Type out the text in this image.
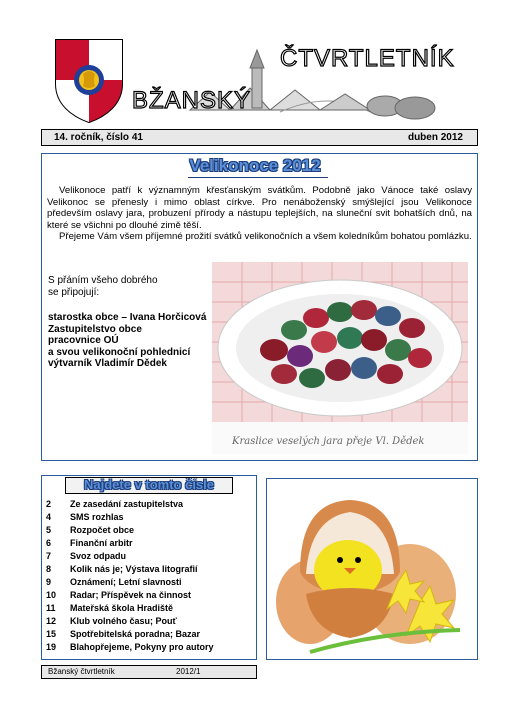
BŽANSKÝ
ČTVRTLETNÍK
14. ročník, číslo 41	duben 2012
Velikonoce 2012

Velikonoce patří k významným křesťanským svátkům. Podobně jako Vánoce také oslavy Velikonoc se přenesly i mimo oblast církve. Pro nenáboženský smýšlející jsou Velikonoce především oslavy jara, probuzení přírody a nástupu teplejších, na sluneční svit bohatších dnů, na které se všichni po dlouhé zimě těší.

Přejeme Vám všem příjemné prožití svátků velikonočních a všem koledníkům bohatou pomlázku.

S přáním všeho dobrého
se připojují:
starostka obce – Ivana Horčicová
Zastupitelstvo obce
pracovnice OÚ
a svou velikonoční pohlednicí
výtvarník Vladimír Dědek
Kraslice veselých jara přeje Vl. Dědek
Najdete v tomto čísle
2	Ze zasedání zastupitelstva
4	SMS rozhlas
5	Rozpočet obce
6	Finanční arbitr
7	Svoz odpadu
8	Kolik nás je; Výstava litografií
9	Oznámení; Letní slavnosti
10	Radar; Příspěvek na činnost
11	Mateřská škola Hradiště
12	Klub volného času; Pouť
15	Spotřebitelská poradna; Bazar
19	Blahopřejeme, Pokyny pro autory
Bžanský čtvrtletník	2012/1
